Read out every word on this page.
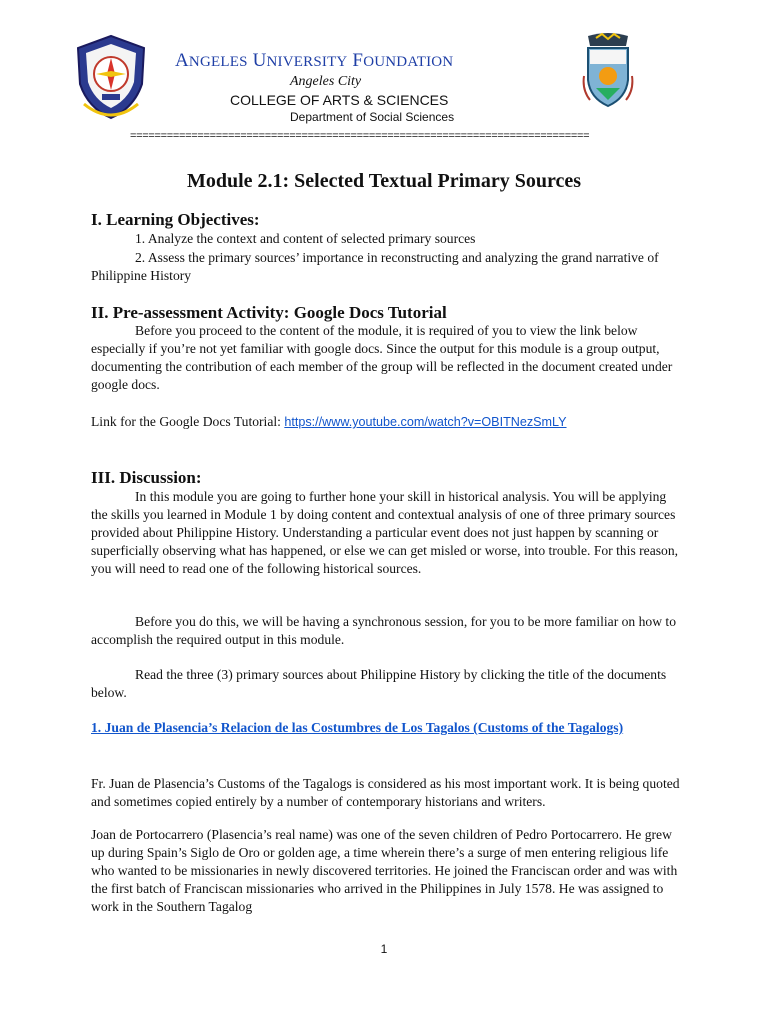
ANGELES UNIVERSITY FOUNDATION
Angeles City
COLLEGE OF ARTS & SCIENCES
Department of Social Sciences
===========================================================================
Module 2.1: Selected Textual Primary Sources
I. Learning Objectives:
1. Analyze the context and content of selected primary sources
2. Assess the primary sources’ importance in reconstructing and analyzing the grand narrative of Philippine History
II. Pre-assessment Activity: Google Docs Tutorial
Before you proceed to the content of the module, it is required of you to view the link below especially if you’re not yet familiar with google docs. Since the output for this module is a group output, documenting the contribution of each member of the group will be reflected in the document created under google docs.
Link for the Google Docs Tutorial: https://www.youtube.com/watch?v=OBITNezSmLY
III. Discussion:
In this module you are going to further hone your skill in historical analysis. You will be applying the skills you learned in Module 1 by doing content and contextual analysis of one of three primary sources provided about Philippine History. Understanding a particular event does not just happen by scanning or superficially observing what has happened, or else we can get misled or worse, into trouble. For this reason, you will need to read one of the following historical sources.
Before you do this, we will be having a synchronous session, for you to be more familiar on how to accomplish the required output in this module.
Read the three (3) primary sources about Philippine History by clicking the title of the documents below.
1. Juan de Plasencia’s Relacion de las Costumbres de Los Tagalos (Customs of the Tagalogs)
Fr. Juan de Plasencia’s Customs of the Tagalogs is considered as his most important work. It is being quoted and sometimes copied entirely by a number of contemporary historians and writers.
Joan de Portocarrero (Plasencia’s real name) was one of the seven children of Pedro Portocarrero. He grew up during Spain’s Siglo de Oro or golden age, a time wherein there’s a surge of men entering religious life who wanted to be missionaries in newly discovered territories. He joined the Franciscan order and was with the first batch of Franciscan missionaries who arrived in the Philippines in July 1578. He was assigned to work in the Southern Tagalog
1
